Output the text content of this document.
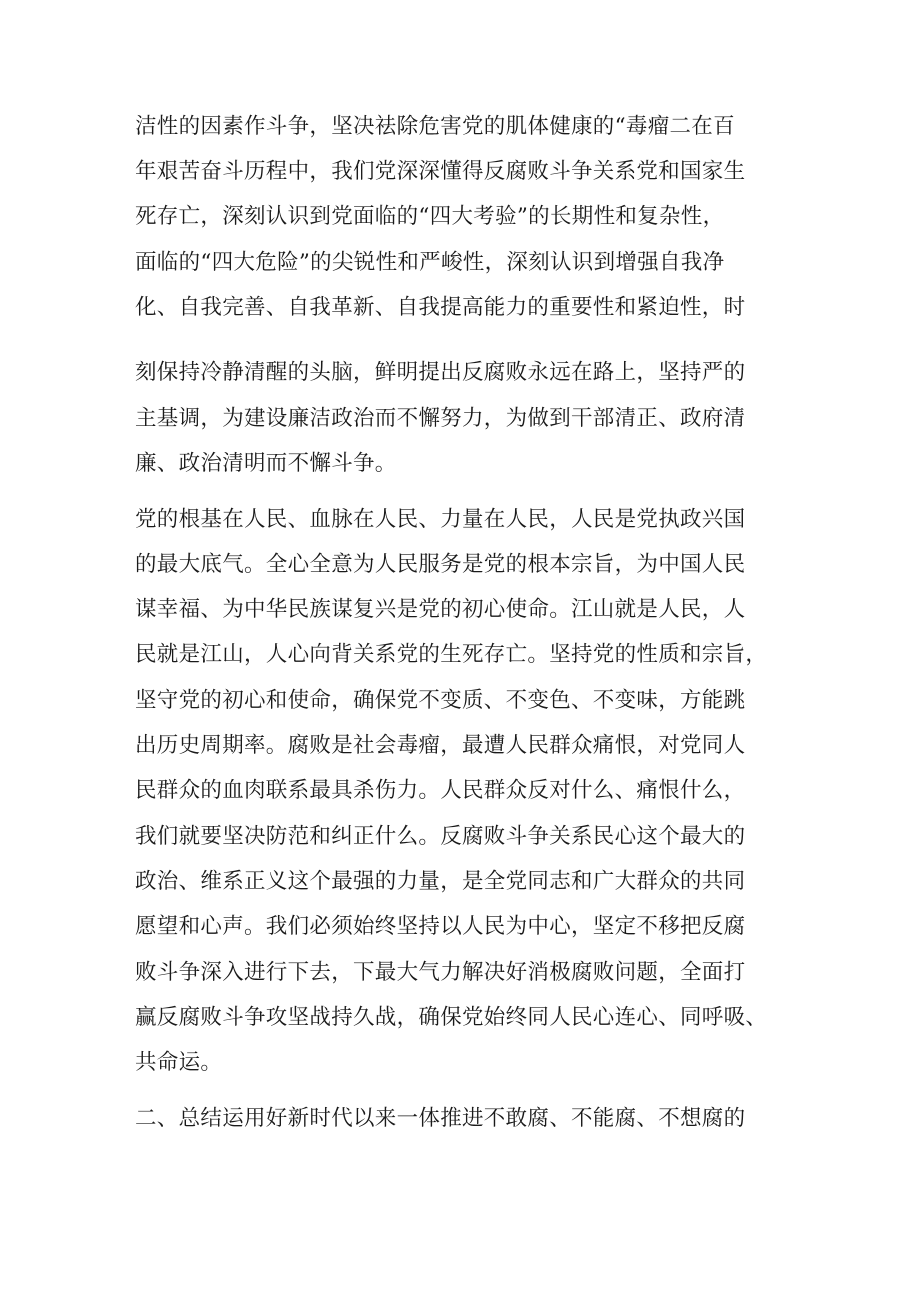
洁性的因素作斗争，坚决祛除危害党的肌体健康的“毒瘤二在百
年艰苦奋斗历程中，我们党深深懂得反腐败斗争关系党和国家生
死存亡，深刻认识到党面临的“四大考验”的长期性和复杂性，
面临的“四大危险”的尖锐性和严峻性，深刻认识到增强自我净
化、自我完善、自我革新、自我提高能力的重要性和紧迫性，时
刻保持冷静清醒的头脑，鲜明提出反腐败永远在路上，坚持严的
主基调，为建设廉洁政治而不懈努力，为做到干部清正、政府清
廉、政治清明而不懈斗争。
党的根基在人民、血脉在人民、力量在人民，人民是党执政兴国
的最大底气。全心全意为人民服务是党的根本宗旨，为中国人民
谋幸福、为中华民族谋复兴是党的初心使命。江山就是人民，人
民就是江山，人心向背关系党的生死存亡。坚持党的性质和宗旨，
坚守党的初心和使命，确保党不变质、不变色、不变味，方能跳
出历史周期率。腐败是社会毒瘤，最遭人民群众痛恨，对党同人
民群众的血肉联系最具杀伤力。人民群众反对什么、痛恨什么，
我们就要坚决防范和纠正什么。反腐败斗争关系民心这个最大的
政治、维系正义这个最强的力量，是全党同志和广大群众的共同
愿望和心声。我们必须始终坚持以人民为中心，坚定不移把反腐
败斗争深入进行下去，下最大气力解决好消极腐败问题，全面打
赢反腐败斗争攻坚战持久战，确保党始终同人民心连心、同呼吸、
共命运。
二、总结运用好新时代以来一体推进不敢腐、不能腐、不想腐的
